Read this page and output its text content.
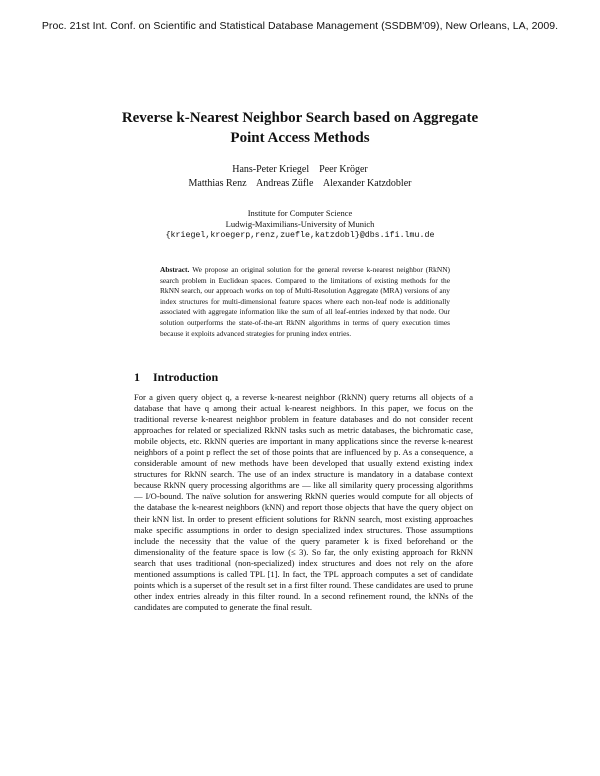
Proc. 21st Int. Conf. on Scientific and Statistical Database Management (SSDBM'09), New Orleans, LA, 2009.
Reverse k-Nearest Neighbor Search based on Aggregate
Point Access Methods
Hans-Peter Kriegel    Peer Kröger
Matthias Renz    Andreas Züfle    Alexander Katzdobler
Institute for Computer Science
Ludwig-Maximilians-University of Munich
{kriegel,kroegerp,renz,zuefle,katzdobl}@dbs.ifi.lmu.de
Abstract. We propose an original solution for the general reverse k-nearest neighbor (RkNN) search problem in Euclidean spaces. Compared to the limitations of existing methods for the RkNN search, our approach works on top of Multi-Resolution Aggregate (MRA) versions of any index structures for multi-dimensional feature spaces where each non-leaf node is additionally associated with aggregate information like the sum of all leaf-entries indexed by that node. Our solution outperforms the state-of-the-art RkNN algorithms in terms of query execution times because it exploits advanced strategies for pruning index entries.
1 Introduction
For a given query object q, a reverse k-nearest neighbor (RkNN) query returns all objects of a database that have q among their actual k-nearest neighbors. In this paper, we focus on the traditional reverse k-nearest neighbor problem in feature databases and do not consider recent approaches for related or specialized RkNN tasks such as metric databases, the bichromatic case, mobile objects, etc. RkNN queries are important in many applications since the reverse k-nearest neighbors of a point p reflect the set of those points that are influenced by p. As a consequence, a considerable amount of new methods have been developed that usually extend existing index structures for RkNN search. The use of an index structure is mandatory in a database context because RkNN query processing algorithms are — like all similarity query processing algorithms — I/O-bound. The naïve solution for answering RkNN queries would compute for all objects of the database the k-nearest neighbors (kNN) and report those objects that have the query object on their kNN list. In order to present efficient solutions for RkNN search, most existing approaches make specific assumptions in order to design specialized index structures. Those assumptions include the necessity that the value of the query parameter k is fixed beforehand or the dimensionality of the feature space is low (≤ 3). So far, the only existing approach for RkNN search that uses traditional (non-specialized) index structures and does not rely on the afore mentioned assumptions is called TPL [1]. In fact, the TPL approach computes a set of candidate points which is a superset of the result set in a first filter round. These candidates are used to prune other index entries already in this filter round. In a second refinement round, the kNNs of the candidates are computed to generate the final result.
